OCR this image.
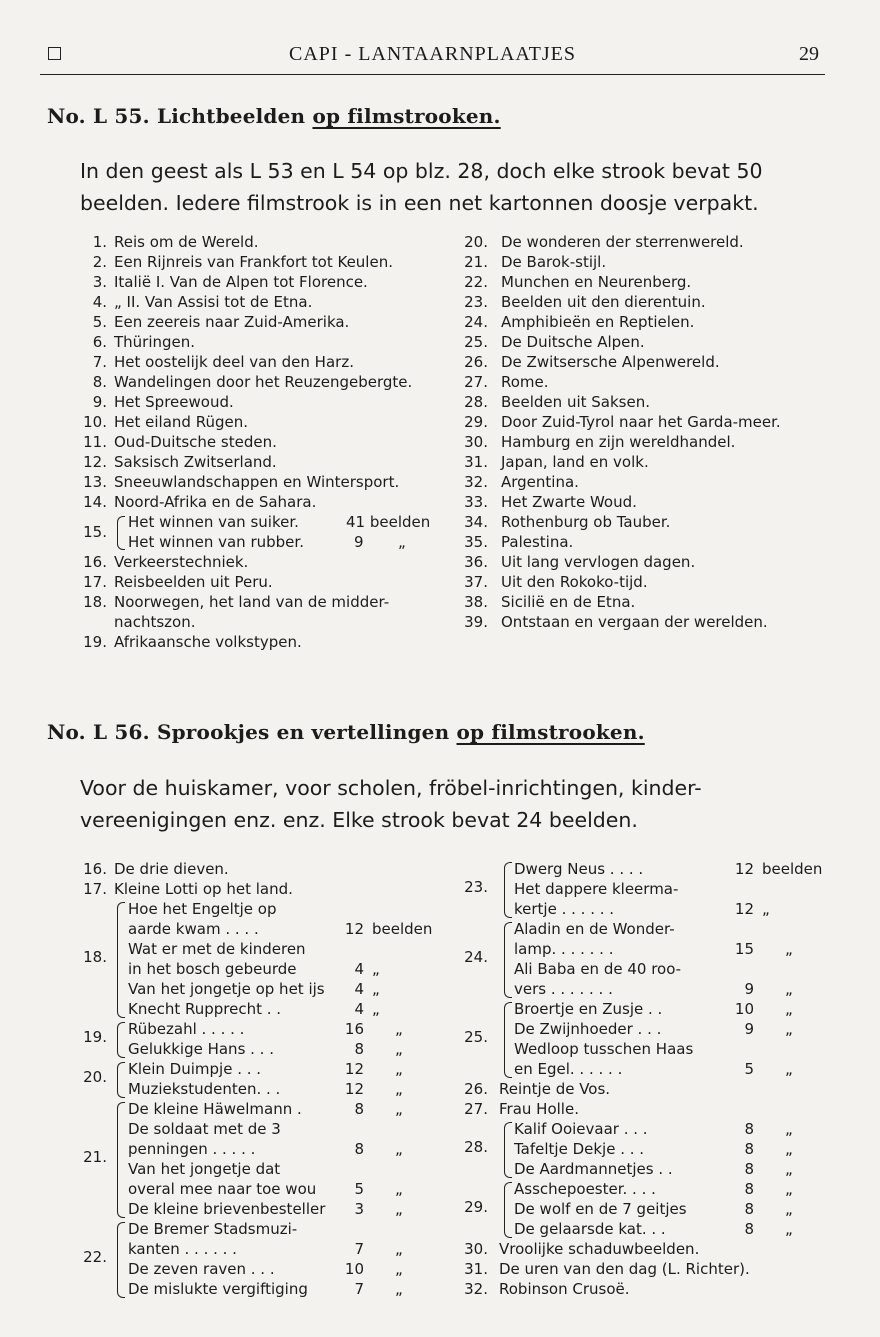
CAPI - LANTAARNPLAATJES	29
No. L 55. Lichtbeelden op filmstrooken.
In den geest als L 53 en L 54 op blz. 28, doch elke strook bevat 50 beelden. Iedere filmstrook is in een net kartonnen doosje verpakt.
1. Reis om de Wereld.
2. Een Rijnreis van Frankfort tot Keulen.
3. Italië I. Van de Alpen tot Florence.
4. „ II. Van Assisi tot de Etna.
5. Een zeereis naar Zuid-Amerika.
6. Thüringen.
7. Het oostelijk deel van den Harz.
8. Wandelingen door het Reuzengebergte.
9. Het Spreewoud.
10. Het eiland Rügen.
11. Oud-Duitsche steden.
12. Saksisch Zwitserland.
13. Sneeuwlandschappen en Wintersport.
14. Noord-Afrika en de Sahara.
15.
Het winnen van suiker.	41 beelden
Het winnen van rubber.	9 „
16. Verkeerstechniek.
17. Reisbeelden uit Peru.
18. Noorwegen, het land van de midder-
nachtszon.
19. Afrikaansche volkstypen.
20. De wonderen der sterrenwereld.
21. De Barok-stijl.
22. Munchen en Neurenberg.
23. Beelden uit den dierentuin.
24. Amphibieën en Reptielen.
25. De Duitsche Alpen.
26. De Zwitsersche Alpenwereld.
27. Rome.
28. Beelden uit Saksen.
29. Door Zuid-Tyrol naar het Garda-meer.
30. Hamburg en zijn wereldhandel.
31. Japan, land en volk.
32. Argentina.
33. Het Zwarte Woud.
34. Rothenburg ob Tauber.
35. Palestina.
36. Uit lang vervlogen dagen.
37. Uit den Rokoko-tijd.
38. Sicilië en de Etna.
39. Ontstaan en vergaan der werelden.
No. L 56. Sprookjes en vertellingen op filmstrooken.
Voor de huiskamer, voor scholen, fröbel-inrichtingen, kinder-vereenigingen enz. enz. Elke strook bevat 24 beelden.
16. De drie dieven.
17. Kleine Lotti op het land.
18.
Hoe het Engeltje op
aarde kwam . . . .	12 beelden
Wat er met de kinderen
in het bosch gebeurde	4 „
Van het jongetje op het ijs	4 „
Knecht Rupprecht . .	4 „
19. Rübezahl . . . . .	16 „
Gelukkige Hans . . .	8 „
20. Klein Duimpje . . .	12 „
Muziekstudenten. . .	12 „
21.
De kleine Häwelmann .	8 „
De soldaat met de 3
penningen . . . . .	8 „
Van het jongetje dat
overal mee naar toe wou	5 „
De kleine brievenbesteller	3 „
22.
De Bremer Stadsmuzi-
kanten . . . . . .	7 „
De zeven raven . . .	10 „
De mislukte vergiftiging	7 „
23.
Dwerg Neus . . . .	12 beelden
Het dappere kleerma-
kertje . . . . . .	12 „
24.
Aladin en de Wonder-
lamp. . . . . . .	15 „
Ali Baba en de 40 roo-
vers . . . . . . .	9 „
25.
Broertje en Zusje . .	10 „
De Zwijnhoeder . . .	9 „
Wedloop tusschen Haas
en Egel. . . . . .	5 „
26. Reintje de Vos.
27. Frau Holle.
28.
Kalif Ooievaar . . .	8 „
Tafeltje Dekje . . .	8 „
De Aardmannetjes . .	8 „
29.
Asschepoester. . . .	8 „
De wolf en de 7 geitjes	8 „
De gelaarsde kat. . .	8 „
30. Vroolijke schaduwbeelden.
31. De uren van den dag (L. Richter).
32. Robinson Crusoë.
